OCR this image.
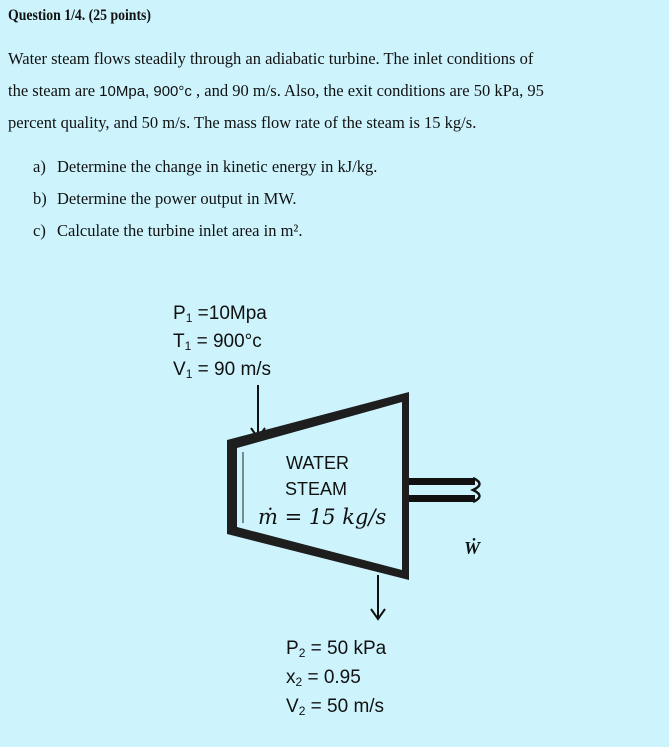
Question 1/4. (25 points)
Water steam flows steadily through an adiabatic turbine. The inlet conditions of
the steam are 10Mpa, 900°c , and 90 m/s. Also, the exit conditions are 50 kPa, 95
percent quality, and 50 m/s. The mass flow rate of the steam is 15 kg/s.
a) Determine the change in kinetic energy in kJ/kg.
b) Determine the power output in MW.
c) Calculate the turbine inlet area in m².
$P_1 =10Mpa$
$T_1 = 900^\circ c$
$V_1 = 90$ m/s
WATER
STEAM
ṁ = 15 kg/s
Ẇ
$P_2 = 50$ kPa
$x_2 = 0.95$
$V_2 = 50$ m/s
